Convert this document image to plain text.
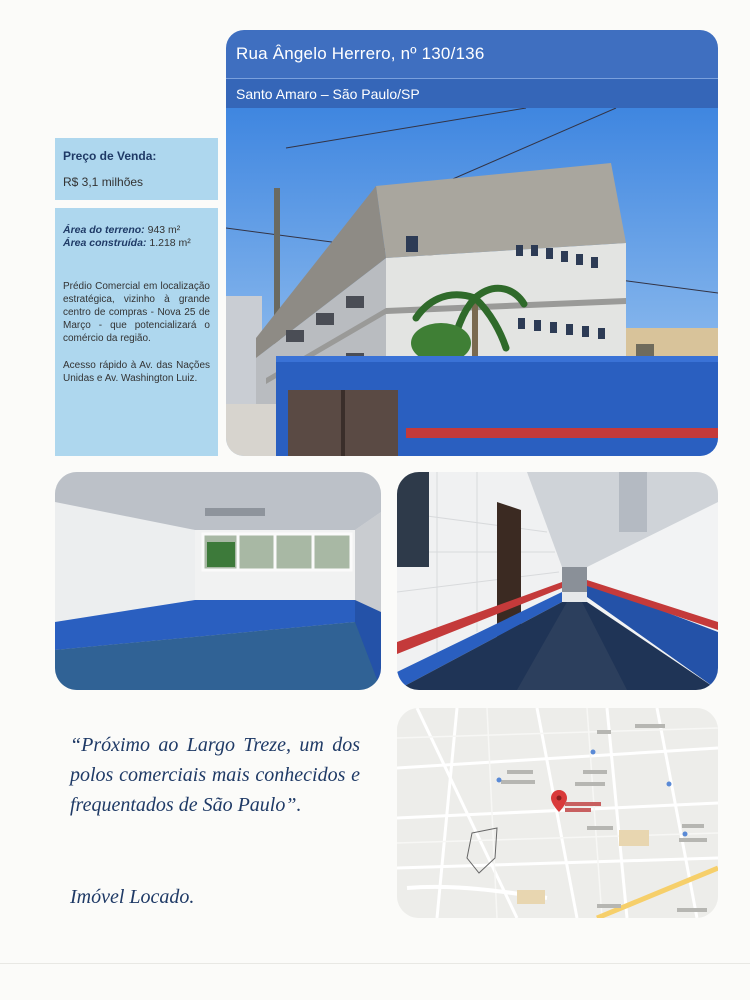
Rua Ângelo Herrero, nº 130/136
Santo Amaro – São Paulo/SP
Preço de Venda:
R$ 3,1 milhões
Área do terreno: 943 m²
Área construída: 1.218 m²
Prédio Comercial em localização estratégica, vizinho à grande centro de compras - Nova 25 de Março - que potencializará o comércio da região.
Acesso rápido à Av. das Nações Unidas e Av. Washington Luiz.
“Próximo ao Largo Treze, um dos polos comerciais mais conhecidos e frequentados de São Paulo”.
Imóvel Locado.
